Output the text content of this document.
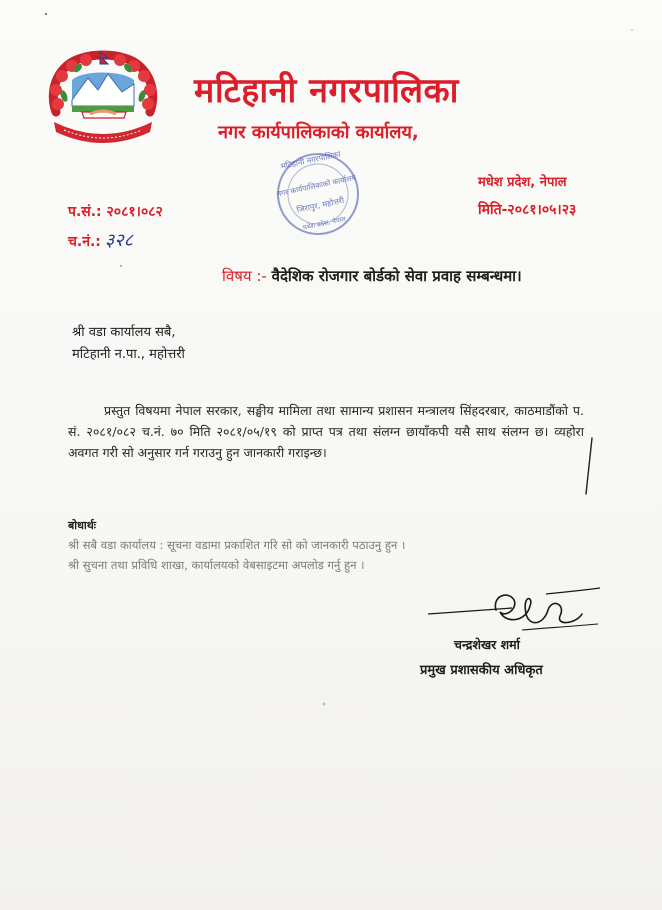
मटिहानी नगरपालिका
नगर कार्यपालिकाको कार्यालय,
मटिहानी नगरपालिका
नगर कार्यपालिकाको कार्यालय
जिरापुर, महोत्तरी
मधेश प्रदेश, नेपाल
मधेश प्रदेश, नेपाल
मिति-२०८१।०५।२३
प.सं.: २०८१।०८२
च.नं.: ३२८
विषय :- वैदेशिक रोजगार बोर्डको सेवा प्रवाह सम्बन्धमा।
श्री वडा कार्यालय सबै,
मटिहानी न.पा., महोत्तरी

प्रस्तुत विषयमा नेपाल सरकार, सङ्घीय मामिला तथा सामान्य प्रशासन मन्त्रालय सिंहदरबार, काठमाडौंको प. सं. २०८१/०८२ च.नं. ७० मिति २०८१/०५/१९ को प्राप्त पत्र तथा संलग्न छायाँकपी यसै साथ संलग्न छ। व्यहोरा अवगत गरी सो अनुसार गर्न गराउनु हुन जानकारी गराइन्छ।

बोधार्थः
श्री सबै वडा कार्यालय : सूचना वडामा प्रकाशित गरि सो को जानकारी पठाउनु हुन ।
श्री सुचना तथा प्रविधि शाखा, कार्यालयको वेबसाइटमा अपलोड गर्नु हुन ।
चन्द्रशेखर शर्मा
प्रमुख प्रशासकीय अधिकृत
